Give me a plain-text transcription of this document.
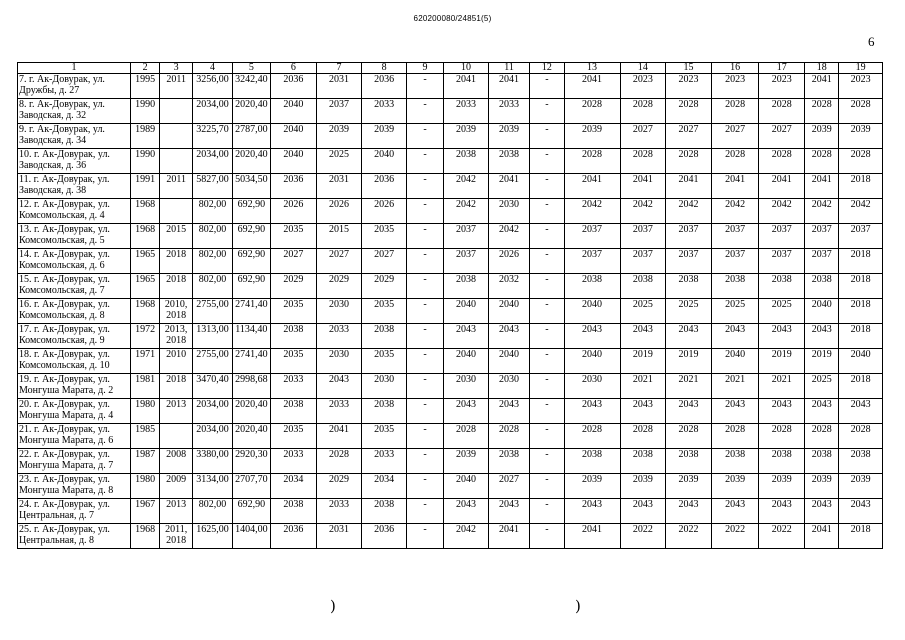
620200080/24851(5)
6
1	2	3	4	5	6	7	8	9	10	11	12	13	14	15	16	17	18	19
7. г. Ак-Довурак, ул. Дружбы, д. 27	1995	2011	3256,00	3242,40	2036	2031	2036	-	2041	2041	-	2041	2023	2023	2023	2023	2041	2023
8. г. Ак-Довурак, ул. Заводская, д. 32	1990		2034,00	2020,40	2040	2037	2033	-	2033	2033	-	2028	2028	2028	2028	2028	2028	2028
9. г. Ак-Довурак, ул. Заводская, д. 34	1989		3225,70	2787,00	2040	2039	2039	-	2039	2039	-	2039	2027	2027	2027	2027	2039	2039
10. г. Ак-Довурак, ул. Заводская, д. 36	1990		2034,00	2020,40	2040	2025	2040	-	2038	2038	-	2028	2028	2028	2028	2028	2028	2028
11. г. Ак-Довурак, ул. Заводская, д. 38	1991	2011	5827,00	5034,50	2036	2031	2036	-	2042	2041	-	2041	2041	2041	2041	2041	2041	2018
12. г. Ак-Довурак, ул. Комсомольская, д. 4	1968		802,00	692,90	2026	2026	2026	-	2042	2030	-	2042	2042	2042	2042	2042	2042	2042
13. г. Ак-Довурак, ул. Комсомольская, д. 5	1968	2015	802,00	692,90	2035	2015	2035	-	2037	2042	-	2037	2037	2037	2037	2037	2037	2037
14. г. Ак-Довурак, ул. Комсомольская, д. 6	1965	2018	802,00	692,90	2027	2027	2027	-	2037	2026	-	2037	2037	2037	2037	2037	2037	2018
15. г. Ак-Довурак, ул. Комсомольская, д. 7	1965	2018	802,00	692,90	2029	2029	2029	-	2038	2032	-	2038	2038	2038	2038	2038	2038	2018
16. г. Ак-Довурак, ул. Комсомольская, д. 8	1968	2010, 2018	2755,00	2741,40	2035	2030	2035	-	2040	2040	-	2040	2025	2025	2025	2025	2040	2018
17. г. Ак-Довурак, ул. Комсомольская, д. 9	1972	2013, 2018	1313,00	1134,40	2038	2033	2038	-	2043	2043	-	2043	2043	2043	2043	2043	2043	2018
18. г. Ак-Довурак, ул. Комсомольская, д. 10	1971	2010	2755,00	2741,40	2035	2030	2035	-	2040	2040	-	2040	2019	2019	2040	2019	2019	2040
19. г. Ак-Довурак, ул. Монгуша Марата, д. 2	1981	2018	3470,40	2998,68	2033	2043	2030	-	2030	2030	-	2030	2021	2021	2021	2021	2025	2018
20. г. Ак-Довурак, ул. Монгуша Марата, д. 4	1980	2013	2034,00	2020,40	2038	2033	2038	-	2043	2043	-	2043	2043	2043	2043	2043	2043	2043
21. г. Ак-Довурак, ул. Монгуша Марата, д. 6	1985		2034,00	2020,40	2035	2041	2035	-	2028	2028	-	2028	2028	2028	2028	2028	2028	2028
22. г. Ак-Довурак, ул. Монгуша Марата, д. 7	1987	2008	3380,00	2920,30	2033	2028	2033	-	2039	2038	-	2038	2038	2038	2038	2038	2038	2038
23. г. Ак-Довурак, ул. Монгуша Марата, д. 8	1980	2009	3134,00	2707,70	2034	2029	2034	-	2040	2027	-	2039	2039	2039	2039	2039	2039	2039
24. г. Ак-Довурак, ул. Центральная, д. 7	1967	2013	802,00	692,90	2038	2033	2038	-	2043	2043	-	2043	2043	2043	2043	2043	2043	2043
25. г. Ак-Довурак, ул. Центральная, д. 8	1968	2011, 2018	1625,00	1404,00	2036	2031	2036	-	2042	2041	-	2041	2022	2022	2022	2022	2041	2018
)	)
